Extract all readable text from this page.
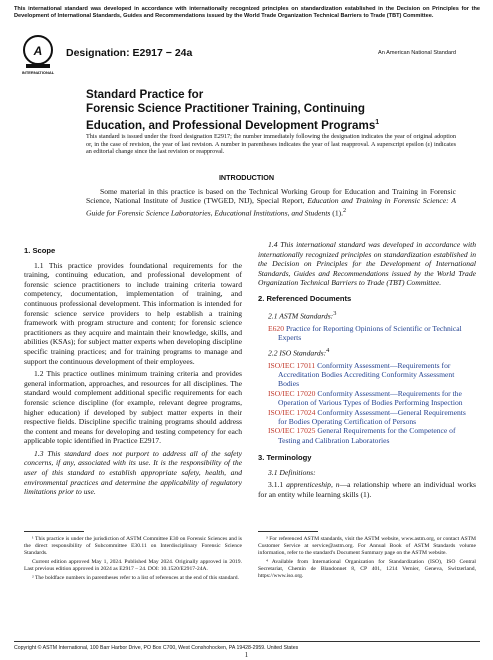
This international standard was developed in accordance with internationally recognized principles on standardization established in the Decision on Principles for the Development of International Standards, Guides and Recommendations issued by the World Trade Organization Technical Barriers to Trade (TBT) Committee.
A
INTERNATIONAL
Designation: E2917 − 24a	An American National Standard
Standard Practice for
Forensic Science Practitioner Training, Continuing
Education, and Professional Development Programs$^1$
This standard is issued under the fixed designation E2917; the number immediately following the designation indicates the year of original adoption or, in the case of revision, the year of last revision. A number in parentheses indicates the year of last reapproval. A superscript epsilon (ε) indicates an editorial change since the last revision or reapproval.
INTRODUCTION
Some material in this practice is based on the Technical Working Group for Education and Training in Forensic Science, National Institute of Justice (TWGED, NIJ), Special Report, Education and Training in Forensic Science: A Guide for Forensic Science Laboratories, Educational Institutions, and Students (1).$^2$
1. Scope

1.1 This practice provides foundational requirements for the training, continuing education, and professional development of forensic science practitioners to include training criteria toward competency, documentation, implementation of training, and continuous professional development. This information is intended for forensic science service providers to help establish a training framework with program structure and content; for forensic science practitioners as they acquire and maintain their knowledge, skills, and abilities (KSAs); for subject matter experts when developing discipline specific training practices; and for training programs to manage and support the continuous development of their employees.

1.2 This practice outlines minimum training criteria and provides general information, approaches, and resources for all disciplines. The standard would complement additional specific requirements for each forensic science discipline (for example, relevant degree programs, higher education) if developed by subject matter experts in their respective fields. Discipline specific training programs should address the content and means for developing and testing competency for each applicable topic identified in Practice E2917.

1.3 This standard does not purport to address all of the safety concerns, if any, associated with its use. It is the responsibility of the user of this standard to establish appropriate safety, health, and environmental practices and determine the applicability of regulatory limitations prior to use.

1.4 This international standard was developed in accordance with internationally recognized principles on standardization established in the Decision on Principles for the Development of International Standards, Guides and Recommendations issued by the World Trade Organization Technical Barriers to Trade (TBT) Committee.

2. Referenced Documents

2.1 ASTM Standards:$^3$

E620 Practice for Reporting Opinions of Scientific or Technical Experts

2.2 ISO Standards:$^4$

ISO/IEC 17011 Conformity Assessment—Requirements for Accreditation Bodies Accrediting Conformity Assessment Bodies
ISO/IEC 17020 Conformity Assessment—Requirements for the Operation of Various Types of Bodies Performing Inspection
ISO/IEC 17024 Conformity Assessment—General Requirements for Bodies Operating Certification of Persons
ISO/IEC 17025 General Requirements for the Competence of Testing and Calibration Laboratories
3. Terminology

3.1 Definitions:

3.1.1 apprenticeship, n—a relationship where an individual works for an entity while learning skills (1).

¹ This practice is under the jurisdiction of ASTM Committee E30 on Forensic Sciences and is the direct responsibility of Subcommittee E30.11 on Interdisciplinary Forensic Science Standards.

Current edition approved May 1, 2024. Published May 2024. Originally approved in 2019. Last previous edition approved in 2024 as E2917 – 24. DOI: 10.1520/E2917-24A.

² The boldface numbers in parentheses refer to a list of references at the end of this standard.

³ For referenced ASTM standards, visit the ASTM website, www.astm.org, or contact ASTM Customer Service at service@astm.org. For Annual Book of ASTM Standards volume information, refer to the standard's Document Summary page on the ASTM website.

⁴ Available from International Organization for Standardization (ISO), ISO Central Secretariat, Chemin de Blandonnet 8, CP 401, 1214 Vernier, Geneva, Switzerland, https://www.iso.org.

Copyright © ASTM International, 100 Barr Harbor Drive, PO Box C700, West Conshohocken, PA 19428-2959. United States
1
